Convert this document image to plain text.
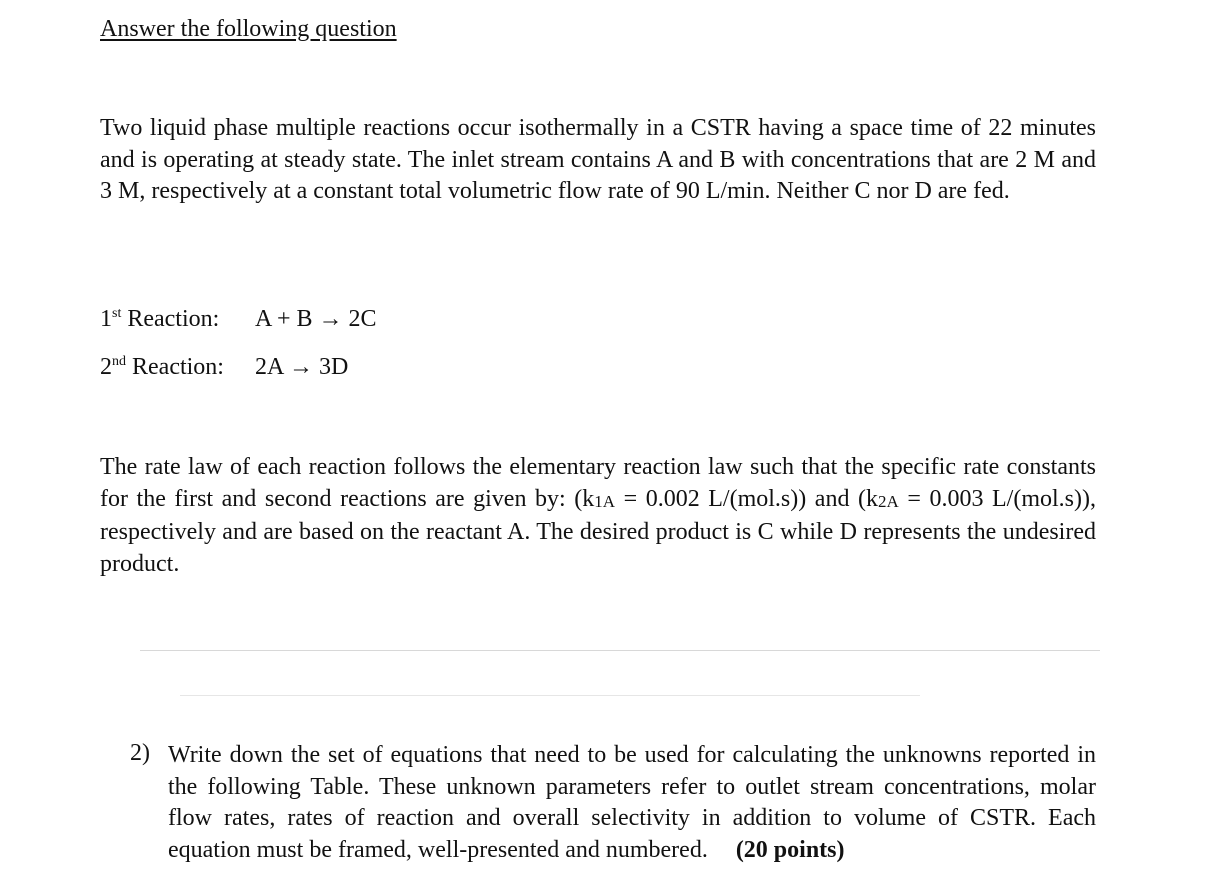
Answer the following question

Two liquid phase multiple reactions occur isothermally in a CSTR having a space time of 22 minutes and is operating at steady state. The inlet stream contains A and B with concentrations that are 2 M and 3 M, respectively at a constant total volumetric flow rate of 90 L/min. Neither C nor D are fed.

1st Reaction: A + B → 2C
2nd Reaction: 2A → 3D

The rate law of each reaction follows the elementary reaction law such that the specific rate constants for the first and second reactions are given by: (k1A = 0.002 L/(mol.s)) and (k2A = 0.003 L/(mol.s)), respectively and are based on the reactant A. The desired product is C while D represents the undesired product.

2) Write down the set of equations that need to be used for calculating the unknowns reported in the following Table. These unknown parameters refer to outlet stream concentrations, molar flow rates, rates of reaction and overall selectivity in addition to volume of CSTR. Each equation must be framed, well-presented and numbered. (20 points)
